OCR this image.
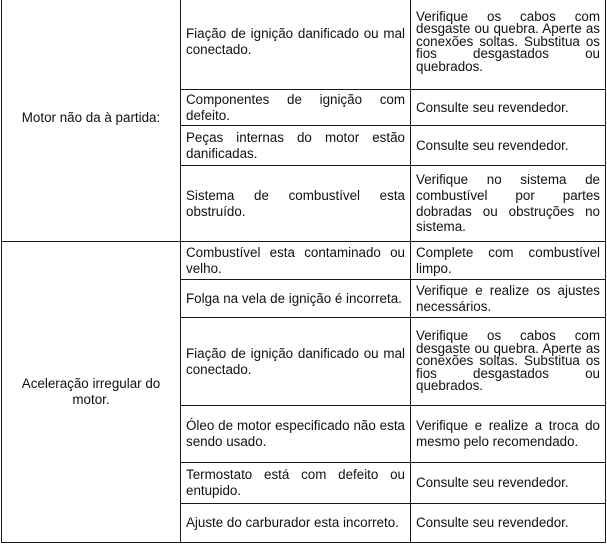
Motor não da à partida:	Fiação de ignição danificado ou mal conectado.	Verifique os cabos com desgaste ou quebra. Aperte as conexões soltas. Substitua os fios desgastados ou quebrados.

	Componentes de ignição com defeito.	Consulte seu revendedor.

	Peças internas do motor estão danificadas.	Consulte seu revendedor.

	Sistema de combustível esta obstruído.	Verifique no sistema de combustível por partes dobradas ou obstruções no sistema.

Aceleração irregular do motor.	Combustível esta contaminado ou velho.	Complete com combustível limpo.

	Folga na vela de ignição é incorreta.	Verifique e realize os ajustes necessários.

	Fiação de ignição danificado ou mal conectado.	Verifique os cabos com desgaste ou quebra. Aperte as conexões soltas. Substitua os fios desgastados ou quebrados.

	Óleo de motor especificado não esta sendo usado.	Verifique e realize a troca do mesmo pelo recomendado.

	Termostato está com defeito ou entupido.	Consulte seu revendedor.

	Ajuste do carburador esta incorreto.	Consulte seu revendedor.
